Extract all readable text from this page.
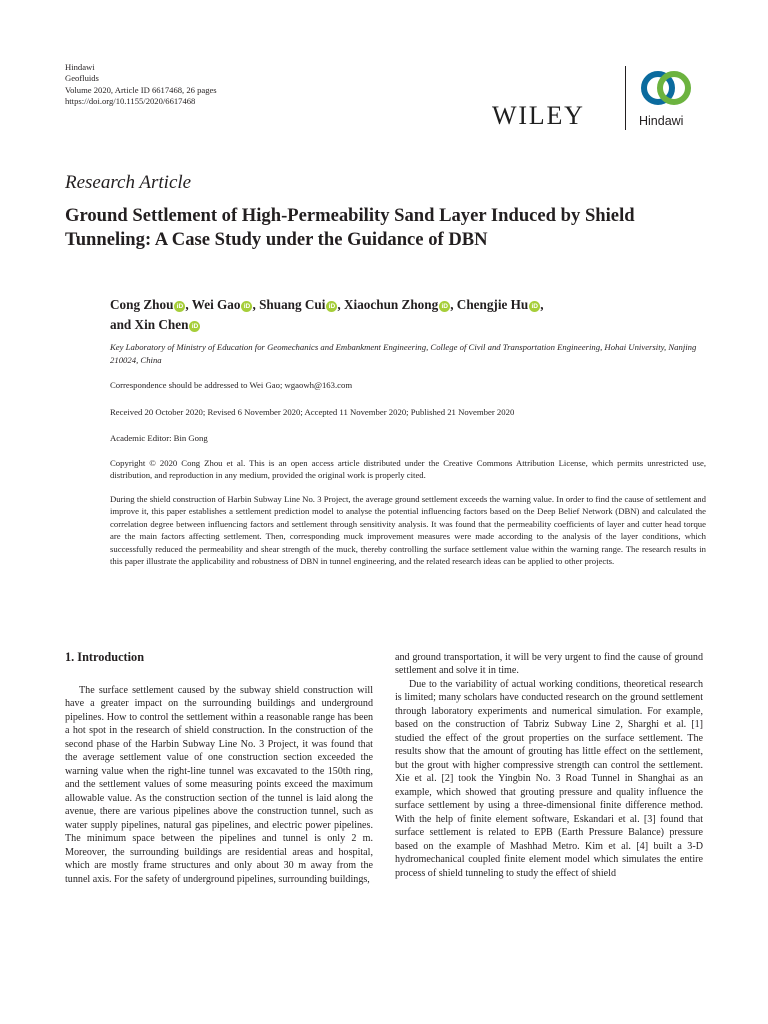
Hindawi
Geofluids
Volume 2020, Article ID 6617468, 26 pages
https://doi.org/10.1155/2020/6617468	WILEY	Hindawi
Research Article
Ground Settlement of High-Permeability Sand Layer Induced by Shield Tunneling: A Case Study under the Guidance of DBN
Cong Zhou iD , Wei Gao iD , Shuang Cui iD , Xiaochun Zhong iD , Chengjie Hu iD ,
and Xin Chen iD
Key Laboratory of Ministry of Education for Geomechanics and Embankment Engineering, College of Civil and Transportation Engineering, Hohai University, Nanjing 210024, China
Correspondence should be addressed to Wei Gao; wgaowh@163.com
Received 20 October 2020; Revised 6 November 2020; Accepted 11 November 2020; Published 21 November 2020
Academic Editor: Bin Gong
Copyright © 2020 Cong Zhou et al. This is an open access article distributed under the Creative Commons Attribution License, which permits unrestricted use, distribution, and reproduction in any medium, provided the original work is properly cited.
During the shield construction of Harbin Subway Line No. 3 Project, the average ground settlement exceeds the warning value. In order to find the cause of settlement and improve it, this paper establishes a settlement prediction model to analyse the potential influencing factors based on the Deep Belief Network (DBN) and calculated the correlation degree between influencing factors and settlement through sensitivity analysis. It was found that the permeability coefficients of layer and cutter head torque are the main factors affecting settlement. Then, corresponding muck improvement measures were made according to the analysis of the layer conditions, which successfully reduced the permeability and shear strength of the muck, thereby controlling the surface settlement value within the warning range. The research results in this paper illustrate the applicability and robustness of DBN in tunnel engineering, and the related research ideas can be applied to other projects.
1. Introduction

The surface settlement caused by the subway shield construction will have a greater impact on the surrounding buildings and underground pipelines. How to control the settlement within a reasonable range has been a hot spot in the research of shield construction. In the construction of the second phase of the Harbin Subway Line No. 3 Project, it was found that the average settlement value of one construction section exceeded the warning value when the right-line tunnel was excavated to the 150th ring, and the settlement values of some measuring points exceed the maximum allowable value. As the construction section of the tunnel is laid along the avenue, there are various pipelines above the construction tunnel, such as water supply pipelines, natural gas pipelines, and electric power pipelines. The minimum space between the pipelines and tunnel is only 2 m. Moreover, the surrounding buildings are residential areas and hospital, which are mostly frame structures and only about 30 m away from the tunnel axis. For the safety of underground pipelines, surrounding buildings,

and ground transportation, it will be very urgent to find the cause of ground settlement and solve it in time.

Due to the variability of actual working conditions, theoretical research is limited; many scholars have conducted research on the ground settlement through laboratory experiments and numerical simulation. For example, based on the construction of Tabriz Subway Line 2, Sharghi et al. [1] studied the effect of the grout properties on the surface settlement. The results show that the amount of grouting has little effect on the settlement, but the grout with higher compressive strength can control the settlement. Xie et al. [2] took the Yingbin No. 3 Road Tunnel in Shanghai as an example, which showed that grouting pressure and quality influence the surface settlement by using a three-dimensional finite difference method. With the help of finite element software, Eskandari et al. [3] found that surface settlement is related to EPB (Earth Pressure Balance) pressure based on the example of Mashhad Metro. Kim et al. [4] built a 3-D hydromechanical coupled finite element model which simulates the entire process of shield tunneling to study the effect of shield
